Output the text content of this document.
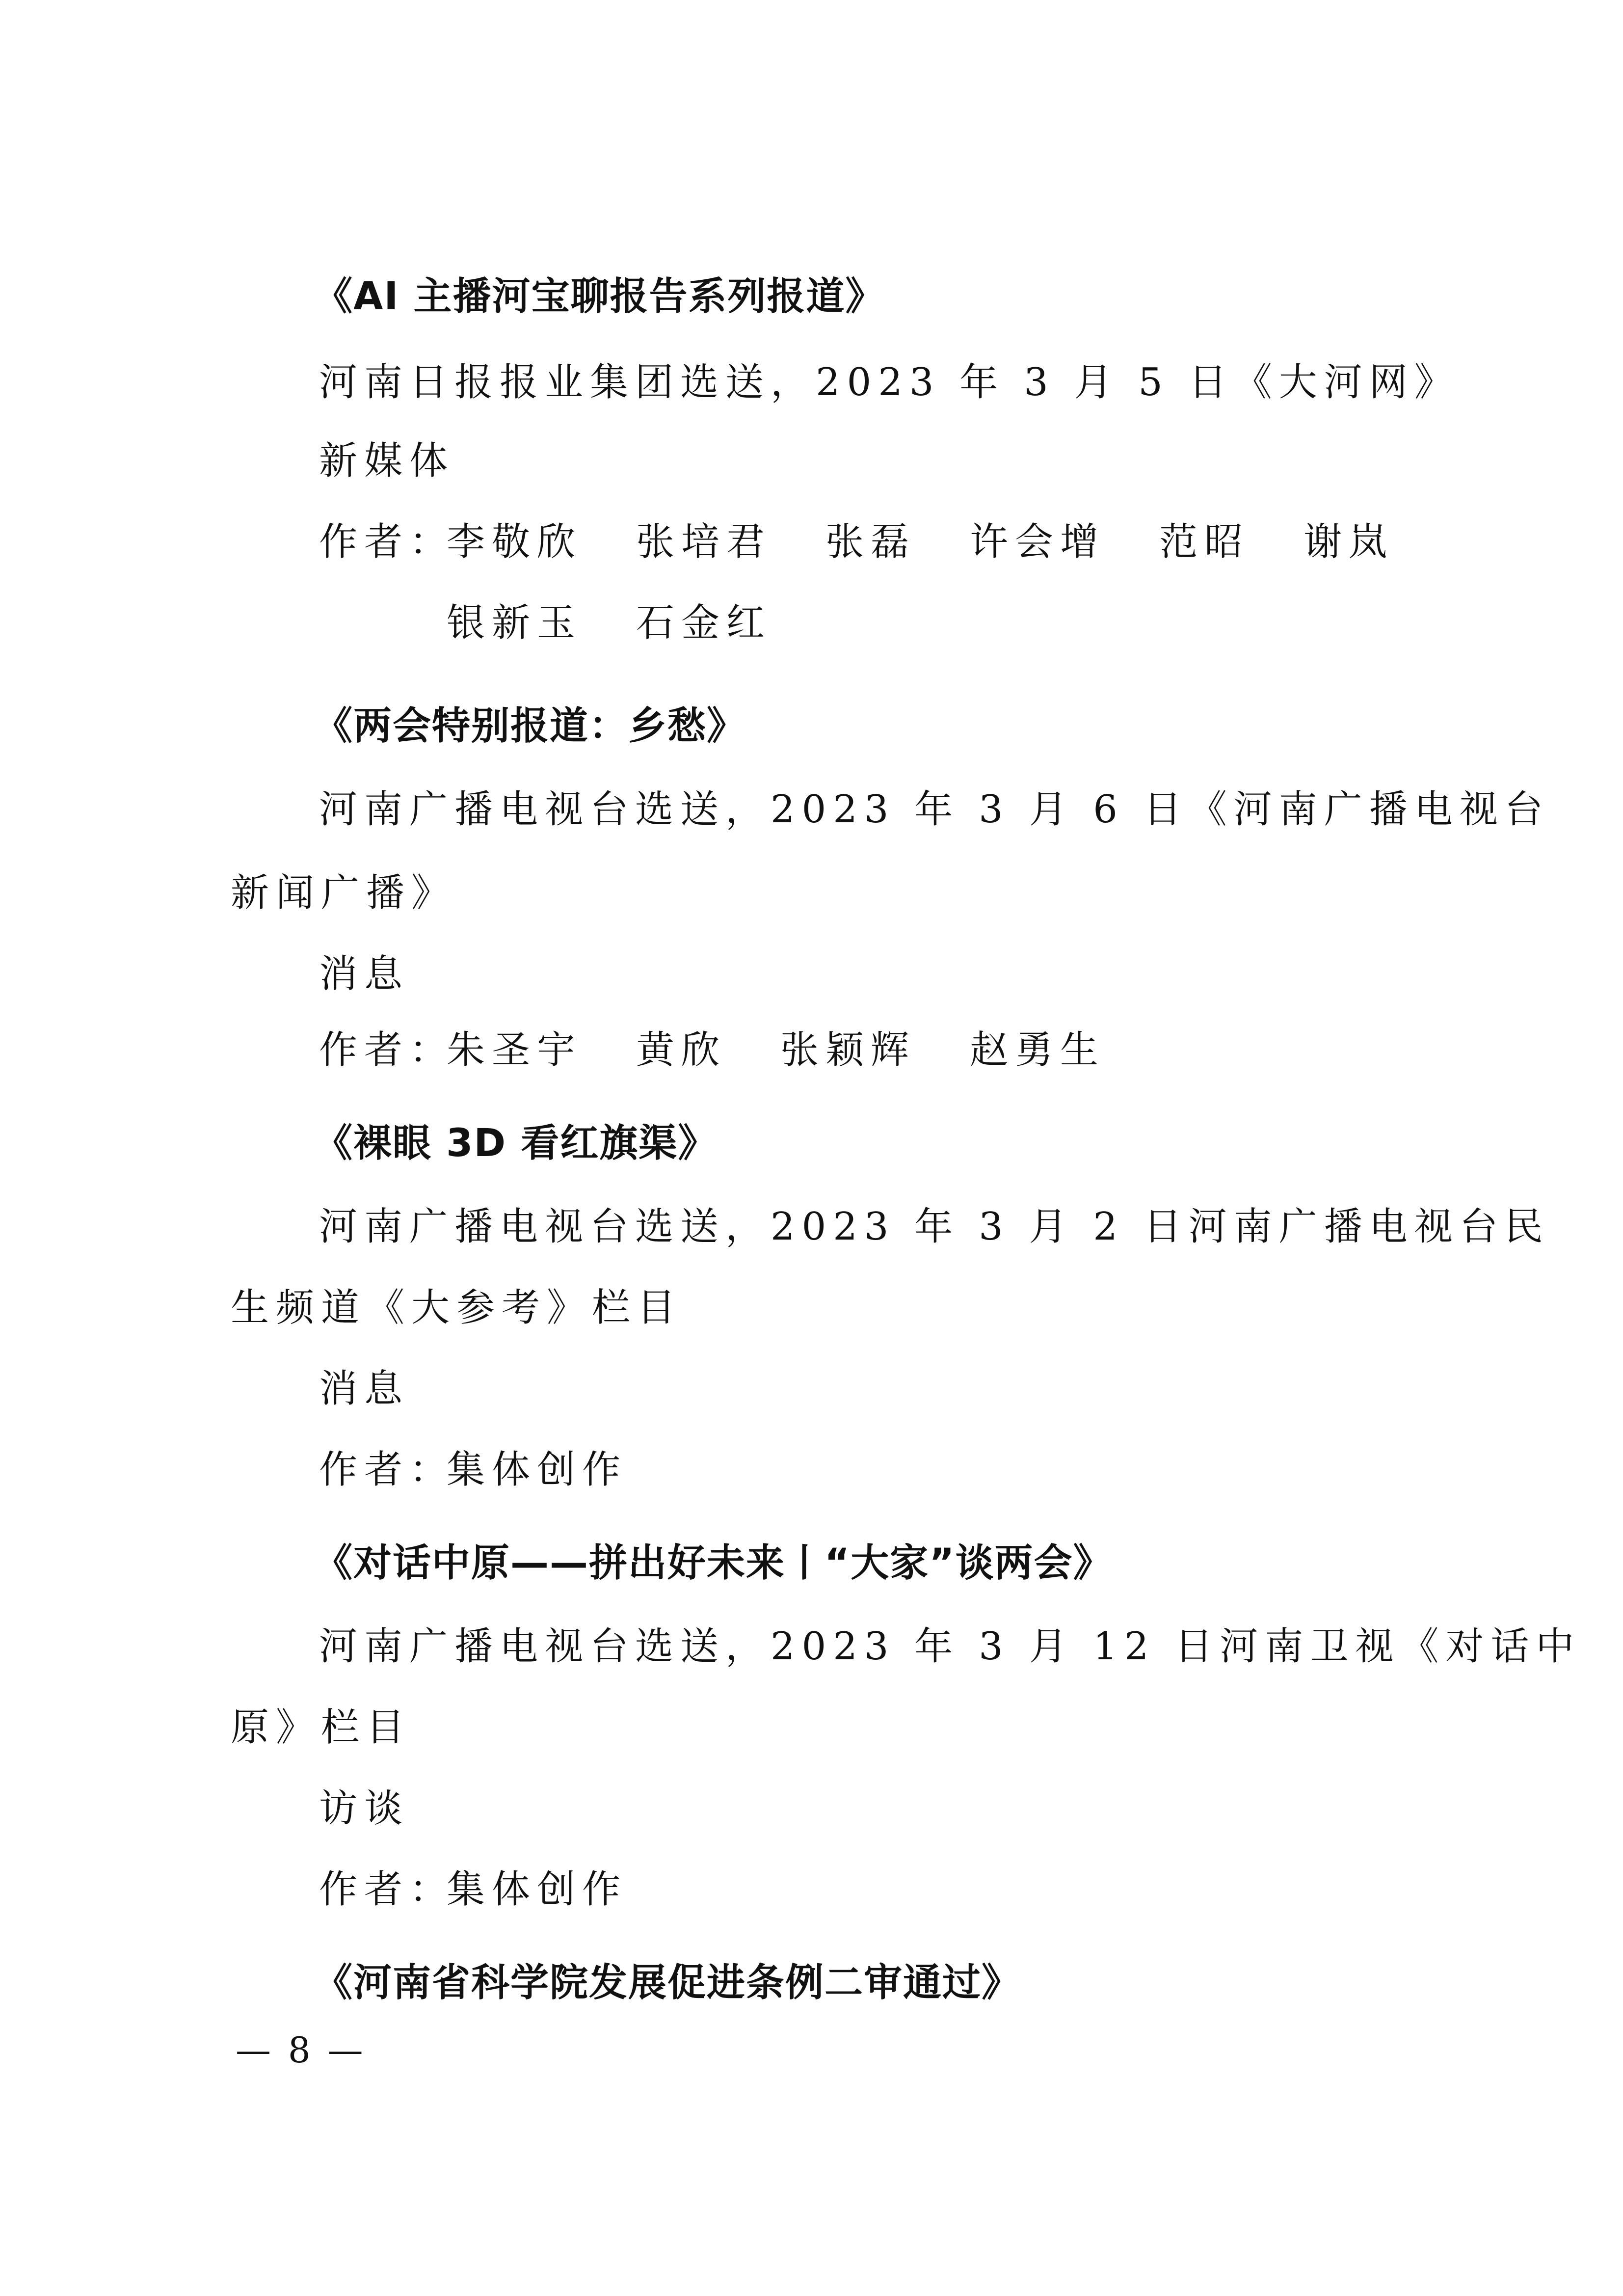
《AI 主播河宝聊报告系列报道》
河南日报报业集团选送，2023 年 3 月 5 日《大河网》
新媒体
作者：
李敬欣 张培君 张磊 许会增 范昭 谢岚
银新玉 石金红
《两会特别报道：乡愁》
河南广播电视台选送，2023 年 3 月 6 日《河南广播电视台
新闻广播》
消息
作者：
朱圣宇 黄欣 张颖辉 赵勇生
《裸眼 3D 看红旗渠》
河南广播电视台选送，2023 年 3 月 2 日河南广播电视台民
生频道《大参考》栏目
消息
作者：
集体创作
《对话中原——拼出好未来丨“大家”谈两会》
河南广播电视台选送，2023 年 3 月 12 日河南卫视《对话中
原》栏目
访谈
作者：
集体创作
《河南省科学院发展促进条例二审通过》
— 8 —
